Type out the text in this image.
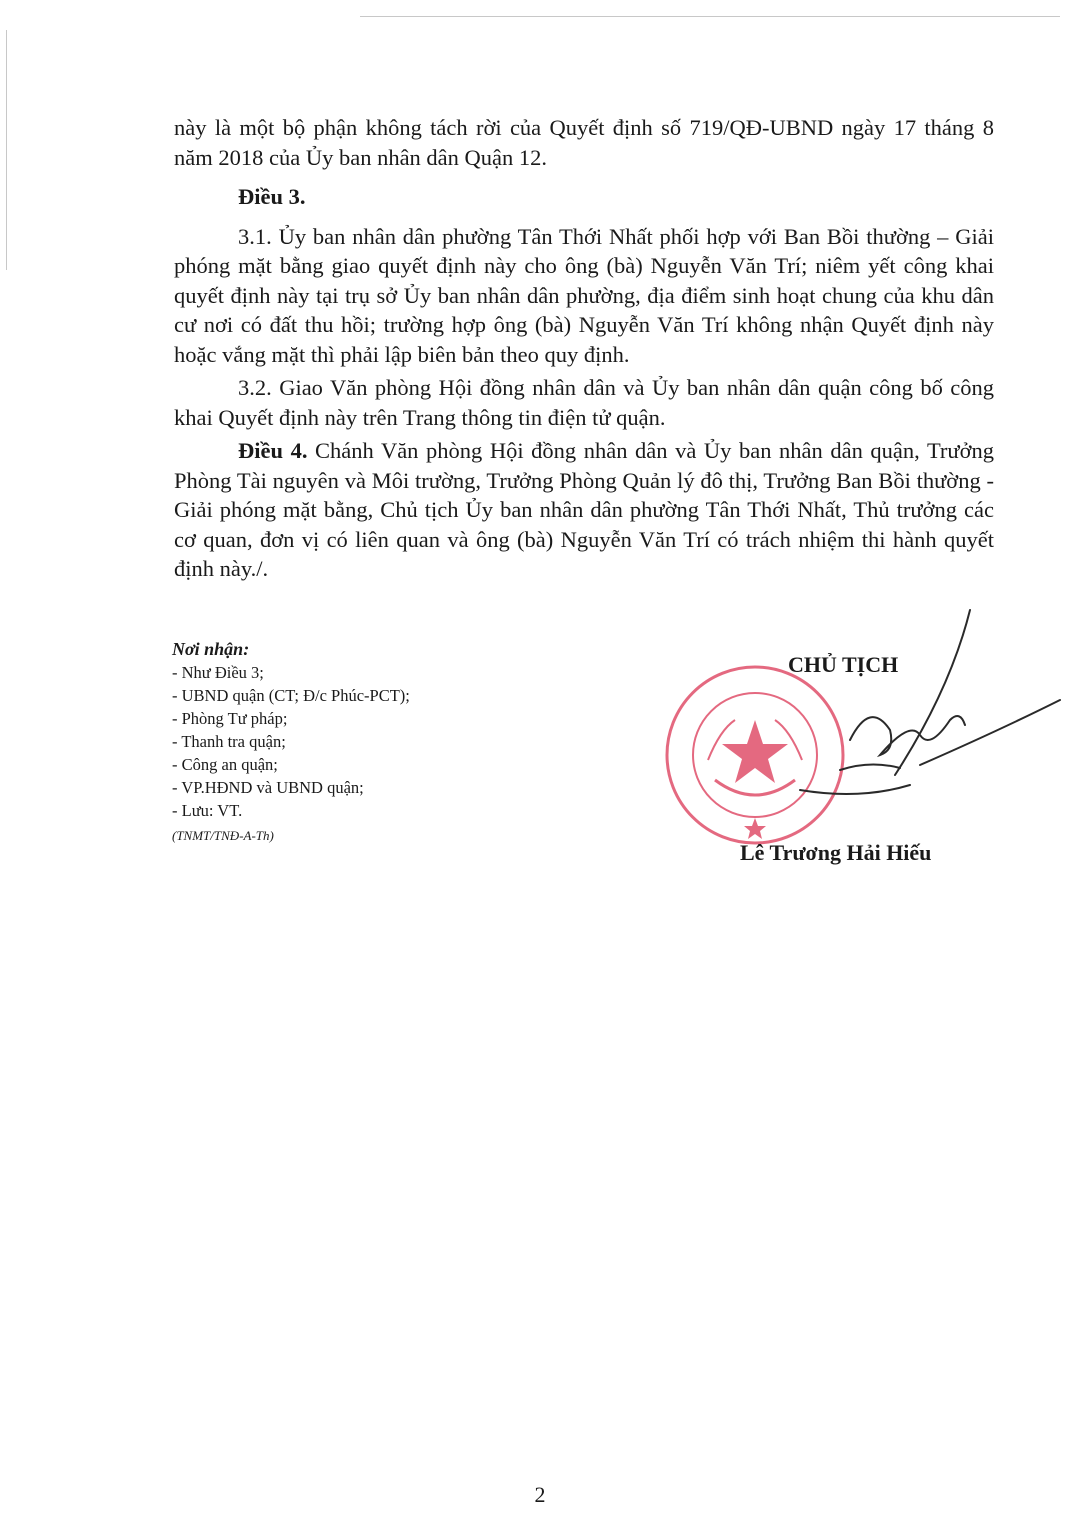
này là một bộ phận không tách rời của Quyết định số 719/QĐ-UBND ngày 17 tháng 8 năm 2018 của Ủy ban nhân dân Quận 12.

Điều 3.

3.1. Ủy ban nhân dân phường Tân Thới Nhất phối hợp với Ban Bồi thường – Giải phóng mặt bằng giao quyết định này cho ông (bà) Nguyễn Văn Trí; niêm yết công khai quyết định này tại trụ sở Ủy ban nhân dân phường, địa điểm sinh hoạt chung của khu dân cư nơi có đất thu hồi; trường hợp ông (bà) Nguyễn Văn Trí không nhận Quyết định này hoặc vắng mặt thì phải lập biên bản theo quy định.

3.2. Giao Văn phòng Hội đồng nhân dân và Ủy ban nhân dân quận công bố công khai Quyết định này trên Trang thông tin điện tử quận.

Điều 4. Chánh Văn phòng Hội đồng nhân dân và Ủy ban nhân dân quận, Trưởng Phòng Tài nguyên và Môi trường, Trưởng Phòng Quản lý đô thị, Trưởng Ban Bồi thường - Giải phóng mặt bằng, Chủ tịch Ủy ban nhân dân phường Tân Thới Nhất, Thủ trưởng các cơ quan, đơn vị có liên quan và ông (bà) Nguyễn Văn Trí có trách nhiệm thi hành quyết định này./.

Nơi nhận:
- Như Điều 3;
- UBND quận (CT; Đ/c Phúc-PCT);
- Phòng Tư pháp;
- Thanh tra quận;
- Công an quận;
- VP.HĐND và UBND quận;
- Lưu: VT.
(TNMT/TNĐ-A-Th)
CHỦ TỊCH
Lê Trương Hải Hiếu
2
